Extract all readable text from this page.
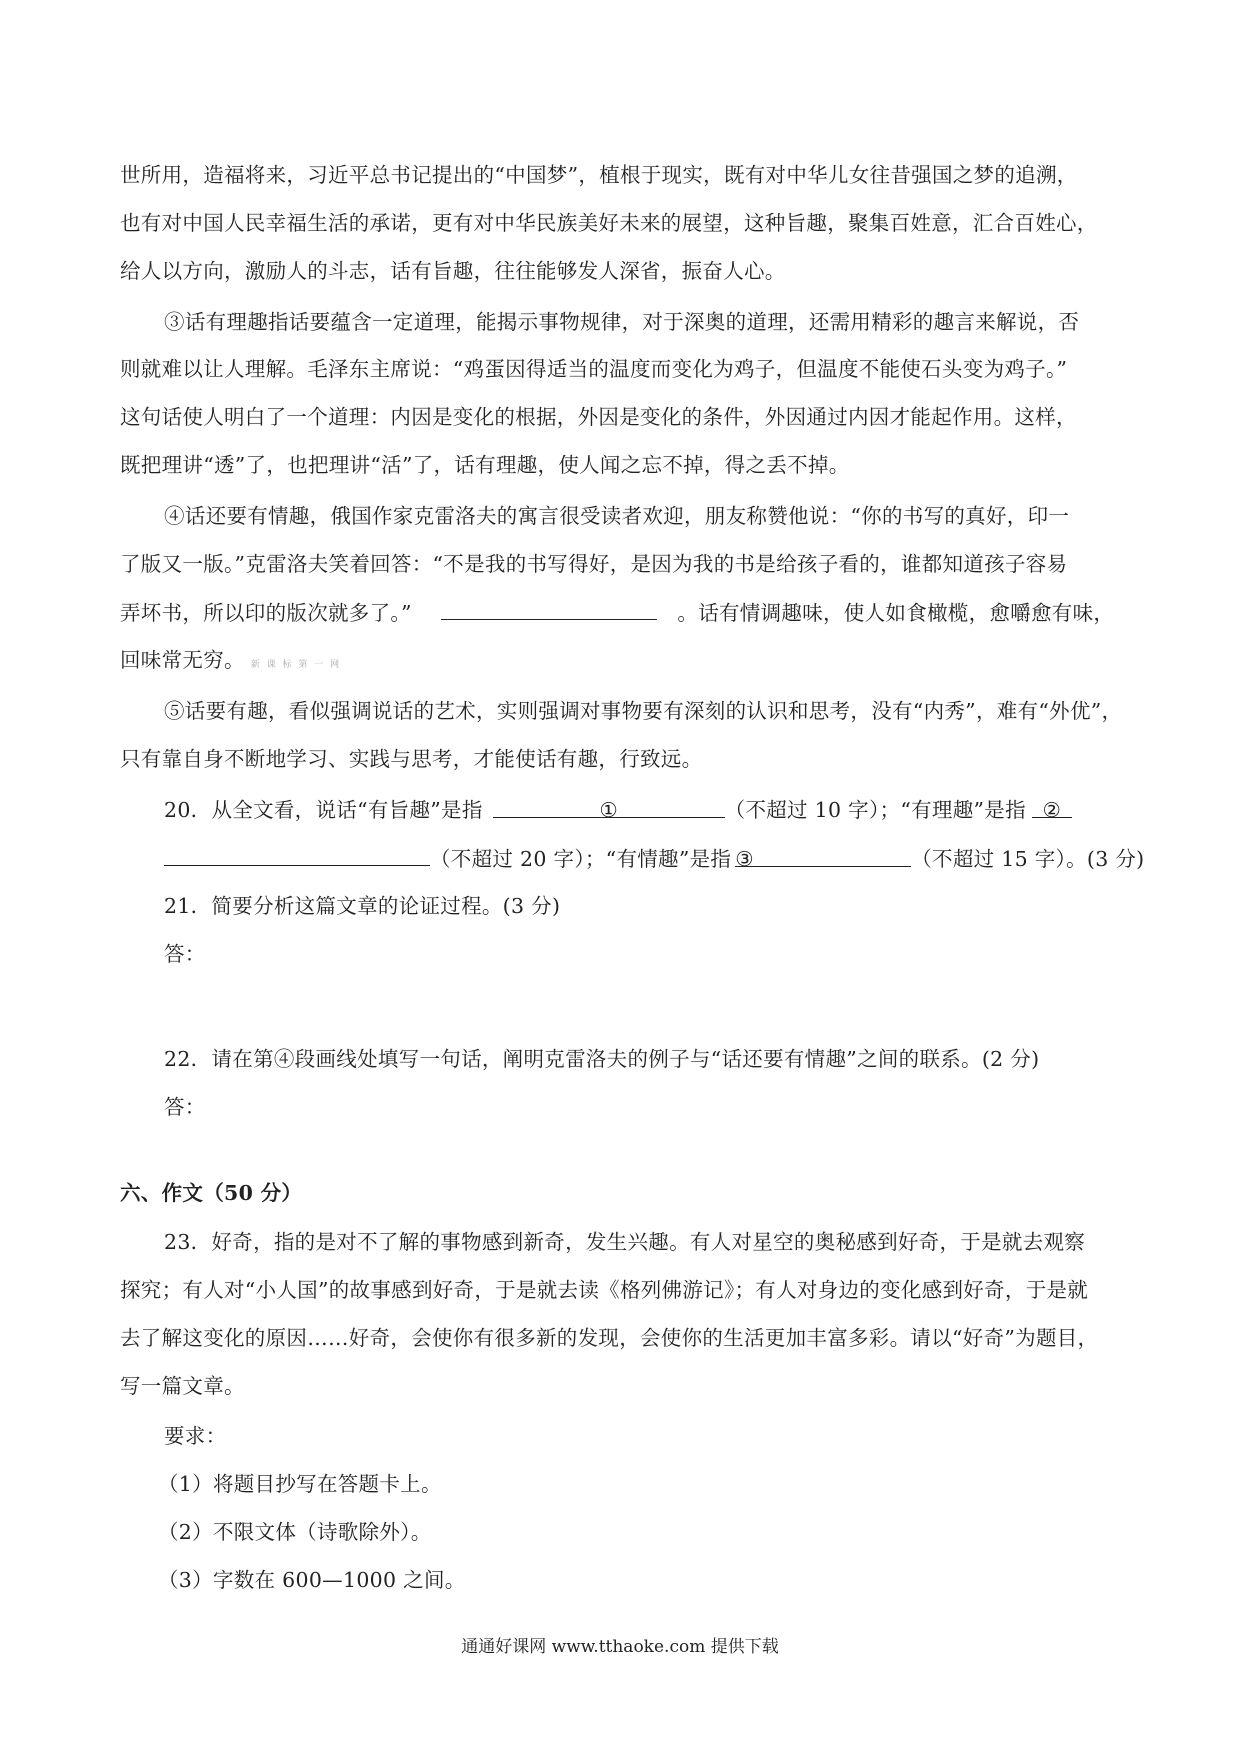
世所用，造福将来，习近平总书记提出的“中国梦”，植根于现实，既有对中华儿女往昔强国之梦的追溯，
也有对中国人民幸福生活的承诺，更有对中华民族美好未来的展望，这种旨趣，聚集百姓意，汇合百姓心，
给人以方向，激励人的斗志，话有旨趣，往往能够发人深省，振奋人心。
③话有理趣指话要蕴含一定道理，能揭示事物规律，对于深奥的道理，还需用精彩的趣言来解说，否
则就难以让人理解。毛泽东主席说：“鸡蛋因得适当的温度而变化为鸡子，但温度不能使石头变为鸡子。”
这句话使人明白了一个道理：内因是变化的根据，外因是变化的条件，外因通过内因才能起作用。这样，
既把理讲“透”了，也把理讲“活”了，话有理趣，使人闻之忘不掉，得之丢不掉。
④话还要有情趣，俄国作家克雷洛夫的寓言很受读者欢迎，朋友称赞他说：“你的书写的真好，印一
了版又一版。”克雷洛夫笑着回答：“不是我的书写得好，是因为我的书是给孩子看的，谁都知道孩子容易
弄坏书，所以印的版次就多了。”	。话有情调趣味，使人如食橄榄，愈嚼愈有味，
回味常无穷。 新 课 标 第 一 网
⑤话要有趣，看似强调说话的艺术，实则强调对事物要有深刻的认识和思考，没有“内秀”，难有“外优”，
只有靠自身不断地学习、实践与思考，才能使话有趣，行致远。
20．从全文看，说话“有旨趣”是指	①	（不超过 10 字）；“有理趣”是指 ②
（不超过 20 字）；“有情趣”是指 ③	（不超过 15 字）。(3 分)
21．简要分析这篇文章的论证过程。(3 分)
答：
22．请在第④段画线处填写一句话，阐明克雷洛夫的例子与“话还要有情趣”之间的联系。(2 分)
答：
六、作文（50 分）
23．好奇，指的是对不了解的事物感到新奇，发生兴趣。有人对星空的奥秘感到好奇，于是就去观察
探究；有人对“小人国”的故事感到好奇，于是就去读《格列佛游记》；有人对身边的变化感到好奇，于是就
去了解这变化的原因……好奇，会使你有很多新的发现，会使你的生活更加丰富多彩。请以“好奇”为题目，
写一篇文章。
要求：
（1）将题目抄写在答题卡上。
（2）不限文体（诗歌除外）。
（3）字数在 600—1000 之间。
通通好课网 www.tthaoke.com 提供下载
